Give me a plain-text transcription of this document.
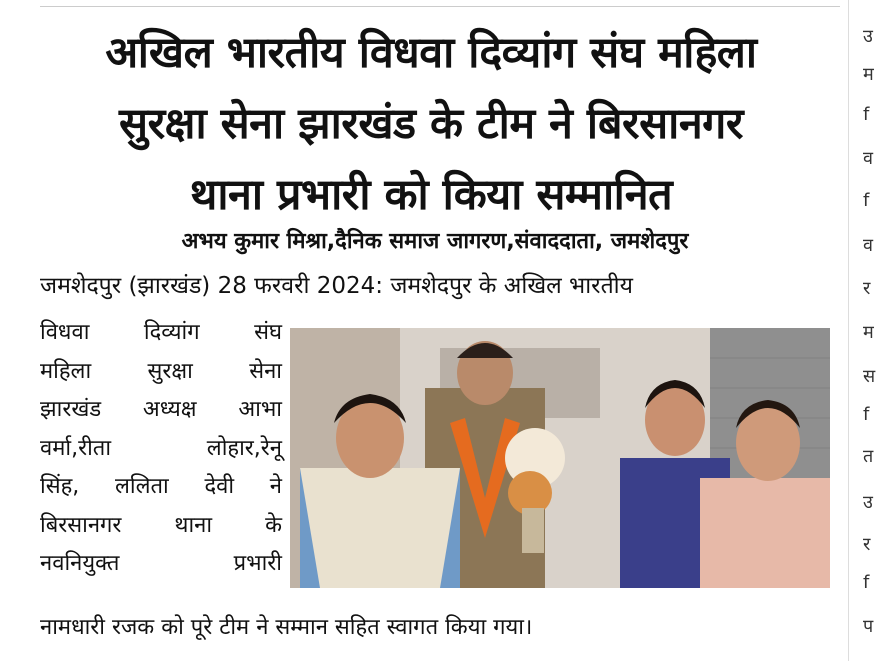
अखिल भारतीय विधवा दिव्यांग संघ महिला
सुरक्षा सेना झारखंड के टीम ने बिरसानगर
थाना प्रभारी को किया सम्मानित
अभय कुमार मिश्रा,दैनिक समाज जागरण,संवाददाता, जमशेदपुर
जमशेदपुर (झारखंड) 28 फरवरी 2024: जमशेदपुर के अखिल भारतीय
विधवा दिव्यांग संघ
महिला सुरक्षा सेना
झारखंड अध्यक्ष आभा
वर्मा,रीता लोहार,रेनू
सिंह, ललिता देवी ने
बिरसानगर थाना के
नवनियुक्त प्रभारी
नामधारी रजक को पूरे टीम ने सम्मान सहित स्वागत किया गया।
उ
म
f
व
f
व
र
म
स
f
त
उ
र
f
प
